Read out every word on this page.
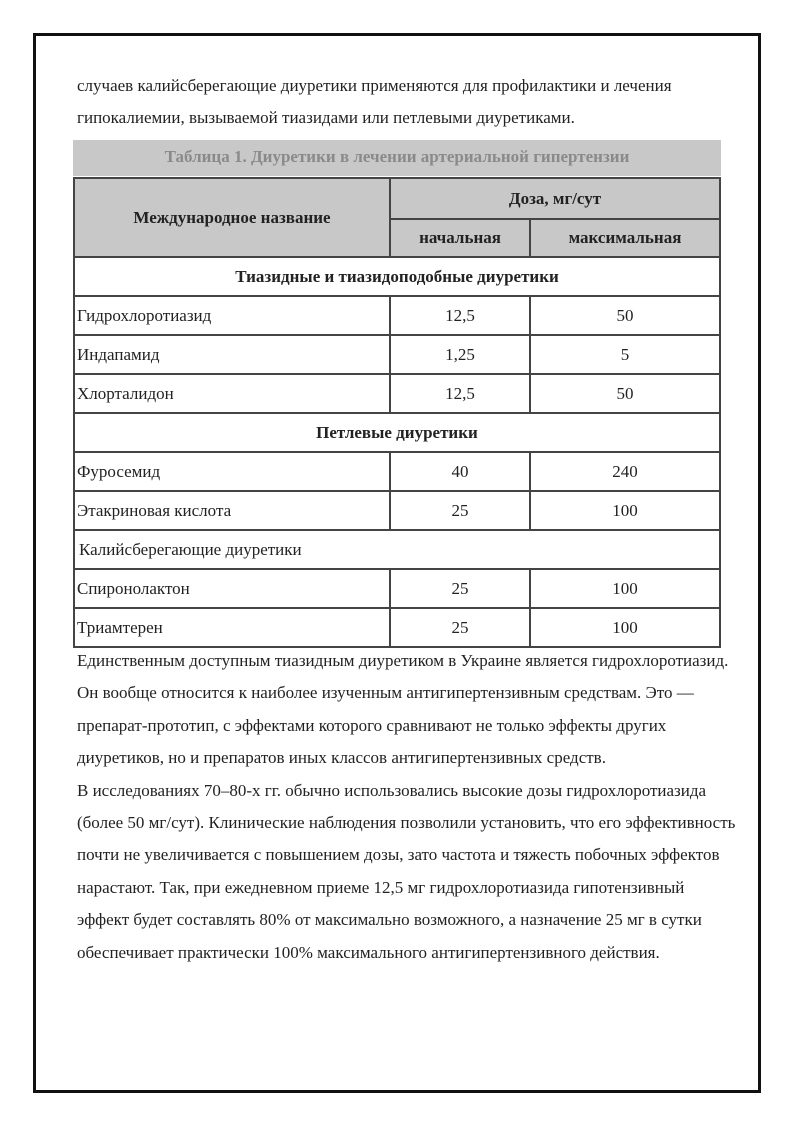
случаев калийсберегающие диуретики применяются для профилактики и лечения гипокалиемии, вызываемой тиазидами или петлевыми диуретиками.

Таблица 1. Диуретики в лечении артериальной гипертензии
Международное название	Доза, мг/сут	
	начальная	максимальная
Тиазидные и тиазидоподобные диуретики		
Гидрохлоротиазид	12,5	50
Индапамид	1,25	5
Хлорталидон	12,5	50
Петлевые диуретики		
Фуросемид	40	240
Этакриновая кислота	25	100
Калийсберегающие диуретики		
Спиронолактон	25	100
Триамтерен	25	100

Единственным доступным тиазидным диуретиком в Украине является гидрохлоротиазид. Он вообще относится к наиболее изученным антигипертензивным средствам. Это — препарат-прототип, с эффектами которого сравнивают не только эффекты других диуретиков, но и препаратов иных классов антигипертензивных средств.

В исследованиях 70–80-х гг. обычно использовались высокие дозы гидрохлоротиазида (более 50 мг/сут). Клинические наблюдения позволили установить, что его эффективность почти не увеличивается с повышением дозы, зато частота и тяжесть побочных эффектов нарастают. Так, при ежедневном приеме 12,5 мг гидрохлоротиазида гипотензивный эффект будет составлять 80% от максимально возможного, а назначение 25 мг в сутки обеспечивает практически 100% максимального антигипертензивного действия.
